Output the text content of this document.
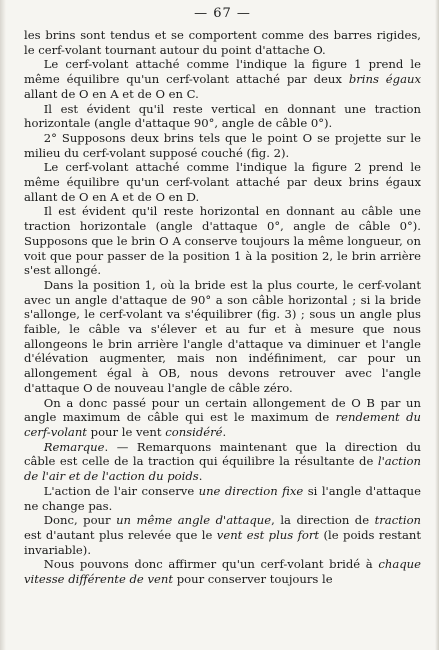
— 67 —

les brins sont tendus et se comportent comme des barres rigides, le cerf-volant tournant autour du point d'attache O.

Le cerf-volant attaché comme l'indique la figure 1 prend le même équilibre qu'un cerf-volant attaché par deux brins égaux allant de O en A et de O en C.

Il est évident qu'il reste vertical en donnant une traction horizontale (angle d'attaque 90°, angle de câble 0°).

2° Supposons deux brins tels que le point O se projette sur le milieu du cerf-volant supposé couché (fig. 2).

Le cerf-volant attaché comme l'indique la figure 2 prend le même équilibre qu'un cerf-volant attaché par deux brins égaux allant de O en A et de O en D.

Il est évident qu'il reste horizontal en donnant au câble une traction horizontale (angle d'attaque 0°, angle de câble 0°). Supposons que le brin O A conserve toujours la même longueur, on voit que pour passer de la position 1 à la position 2, le brin arrière s'est allongé.

Dans la position 1, où la bride est la plus courte, le cerf-volant avec un angle d'attaque de 90° a son câble horizontal ; si la bride s'allonge, le cerf-volant va s'équilibrer (fig. 3) ; sous un angle plus faible, le câble va s'élever et au fur et à mesure que nous allongeons le brin arrière l'angle d'attaque va diminuer et l'angle d'élévation augmenter, mais non indéfiniment, car pour un allongement égal à OB, nous devons retrouver avec l'angle d'attaque O de nouveau l'angle de câble zéro.

On a donc passé pour un certain allongement de O B par un angle maximum de câble qui est le maximum de rendement du cerf-volant pour le vent considéré.

Remarque. — Remarquons maintenant que la direction du câble est celle de la traction qui équilibre la résultante de l'action de l'air et de l'action du poids.

L'action de l'air conserve une direction fixe si l'angle d'attaque ne change pas.

Donc, pour un même angle d'attaque, la direction de traction est d'autant plus relevée que le vent est plus fort (le poids restant invariable).

Nous pouvons donc affirmer qu'un cerf-volant bridé à chaque vitesse différente de vent pour conserver toujours le
